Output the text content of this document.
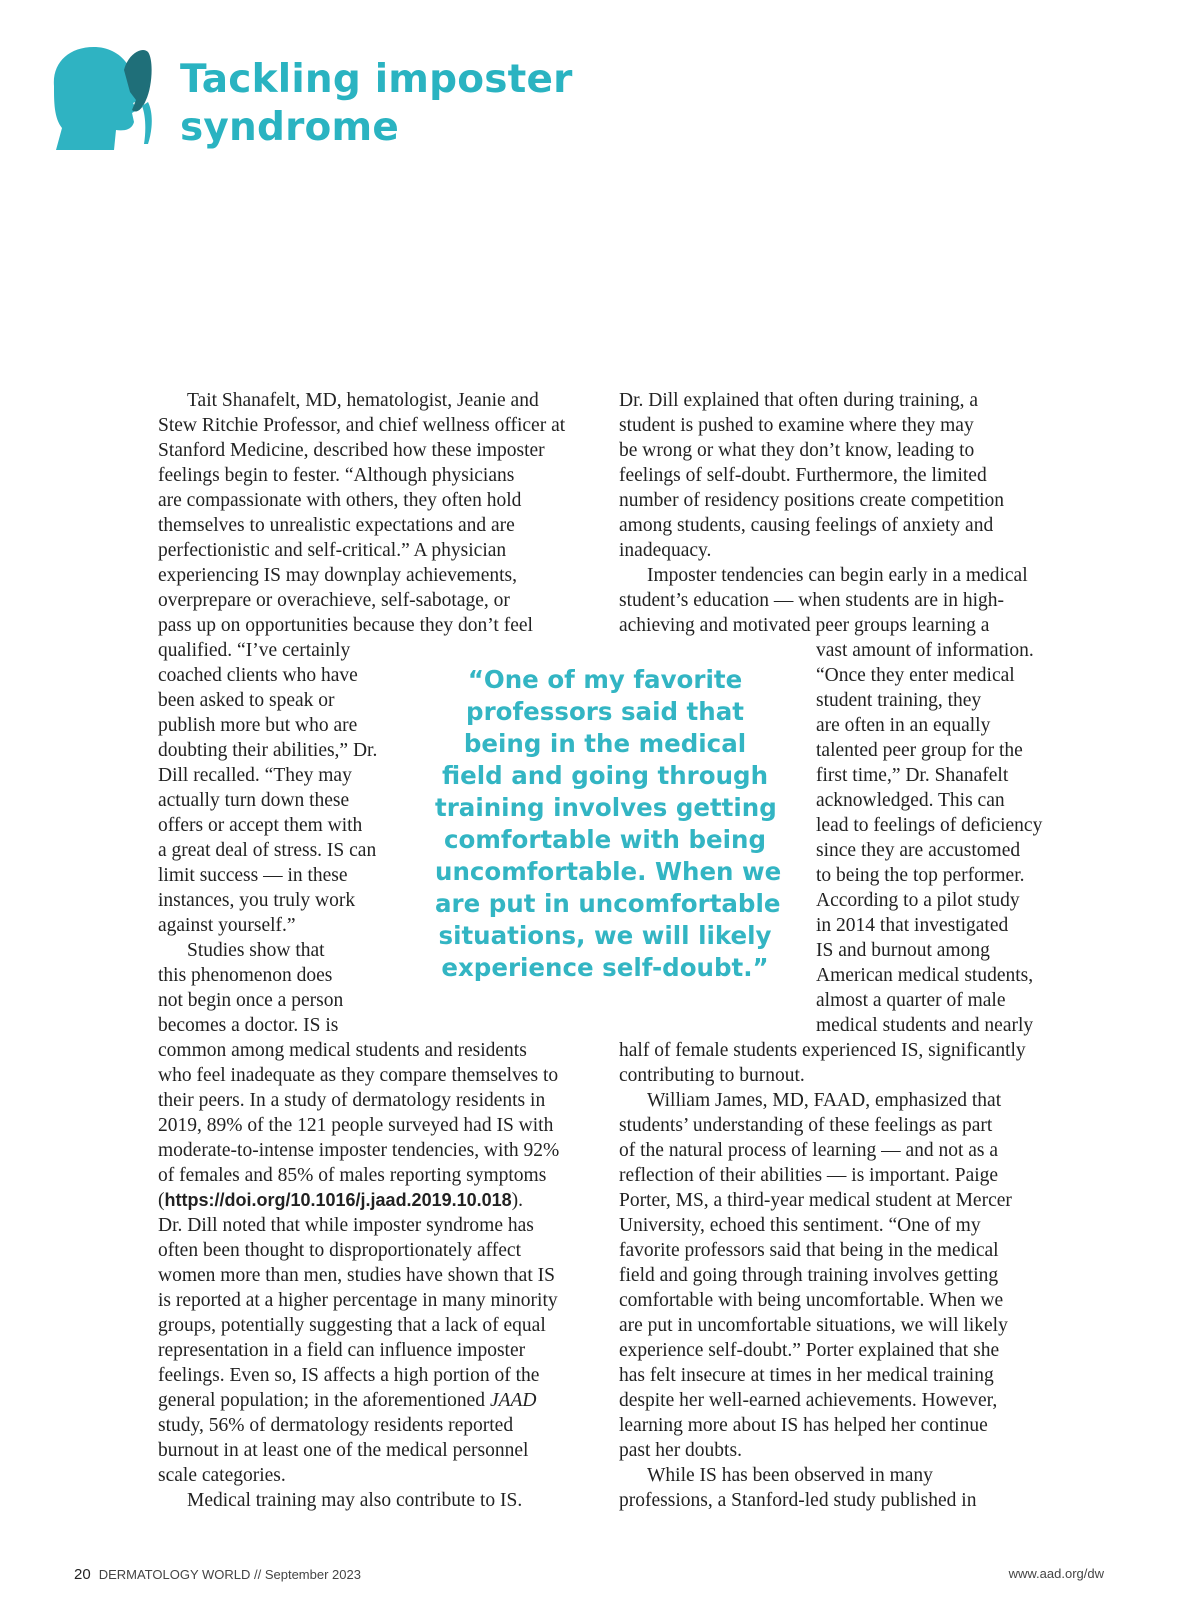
Tackling imposter
syndrome
Tait Shanafelt, MD, hematologist, Jeanie and
Stew Ritchie Professor, and chief wellness officer at
Stanford Medicine, described how these imposter
feelings begin to fester. “Although physicians
are compassionate with others, they often hold
themselves to unrealistic expectations and are
perfectionistic and self-critical.” A physician
experiencing IS may downplay achievements,
overprepare or overachieve, self-sabotage, or
pass up on opportunities because they don’t feel
qualified. “I’ve certainly
coached clients who have
been asked to speak or
publish more but who are
doubting their abilities,” Dr.
Dill recalled. “They may
actually turn down these
offers or accept them with
a great deal of stress. IS can
limit success — in these
instances, you truly work
against yourself.”
Studies show that
this phenomenon does
not begin once a person
becomes a doctor. IS is
common among medical students and residents
who feel inadequate as they compare themselves to
their peers. In a study of dermatology residents in
2019, 89% of the 121 people surveyed had IS with
moderate-to-intense imposter tendencies, with 92%
of females and 85% of males reporting symptoms
(https://doi.org/10.1016/j.jaad.2019.10.018).
Dr. Dill noted that while imposter syndrome has
often been thought to disproportionately affect
women more than men, studies have shown that IS
is reported at a higher percentage in many minority
groups, potentially suggesting that a lack of equal
representation in a field can influence imposter
feelings. Even so, IS affects a high portion of the
general population; in the aforementioned JAAD
study, 56% of dermatology residents reported
burnout in at least one of the medical personnel
scale categories.
Medical training may also contribute to IS.
Dr. Dill explained that often during training, a
student is pushed to examine where they may
be wrong or what they don’t know, leading to
feelings of self-doubt. Furthermore, the limited
number of residency positions create competition
among students, causing feelings of anxiety and
inadequacy.
Imposter tendencies can begin early in a medical
student’s education — when students are in high-
achieving and motivated peer groups learning a
vast amount of information.
“Once they enter medical
student training, they
are often in an equally
talented peer group for the
first time,” Dr. Shanafelt
acknowledged. This can
lead to feelings of deficiency
since they are accustomed
to being the top performer.
According to a pilot study
in 2014 that investigated
IS and burnout among
American medical students,
almost a quarter of male
medical students and nearly
half of female students experienced IS, significantly
contributing to burnout.
William James, MD, FAAD, emphasized that
students’ understanding of these feelings as part
of the natural process of learning — and not as a
reflection of their abilities — is important. Paige
Porter, MS, a third-year medical student at Mercer
University, echoed this sentiment. “One of my
favorite professors said that being in the medical
field and going through training involves getting
comfortable with being uncomfortable. When we
are put in uncomfortable situations, we will likely
experience self-doubt.” Porter explained that she
has felt insecure at times in her medical training
despite her well-earned achievements. However,
learning more about IS has helped her continue
past her doubts.
While IS has been observed in many
professions, a Stanford-led study published in
“One of my favorite
professors said that
being in the medical
field and going through
training involves getting
comfortable with being
uncomfortable. When we
are put in uncomfortable
situations, we will likely
experience self-doubt.”
20 DERMATOLOGY WORLD // September 2023	www.aad.org/dw
